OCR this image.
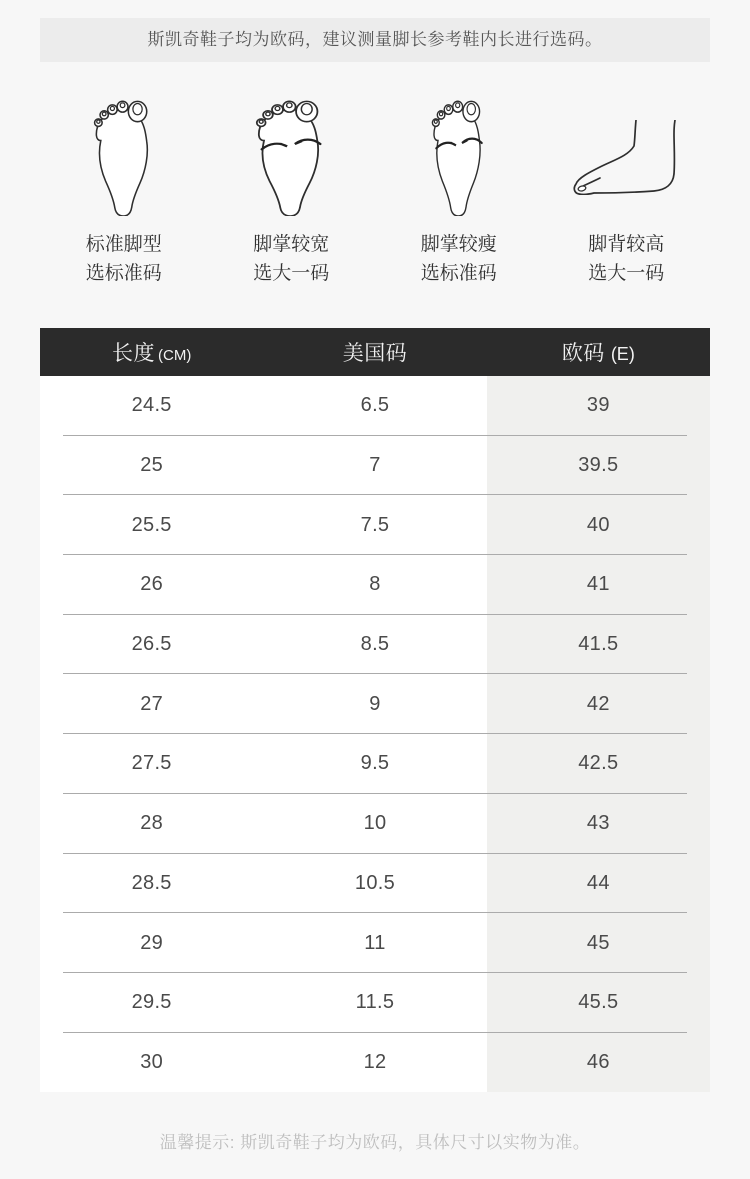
斯凯奇鞋子均为欧码，建议测量脚长参考鞋内长进行选码。
标准脚型
选标准码
脚掌较宽
选大一码
脚掌较瘦
选标准码
脚背较高
选大一码
长度 (CM)	美国码	欧码 (E)
24.5	6.5	39
25	7	39.5
25.5	7.5	40
26	8	41
26.5	8.5	41.5
27	9	42
27.5	9.5	42.5
28	10	43
28.5	10.5	44
29	11	45
29.5	11.5	45.5
30	12	46
温馨提示: 斯凯奇鞋子均为欧码，具体尺寸以实物为准。
